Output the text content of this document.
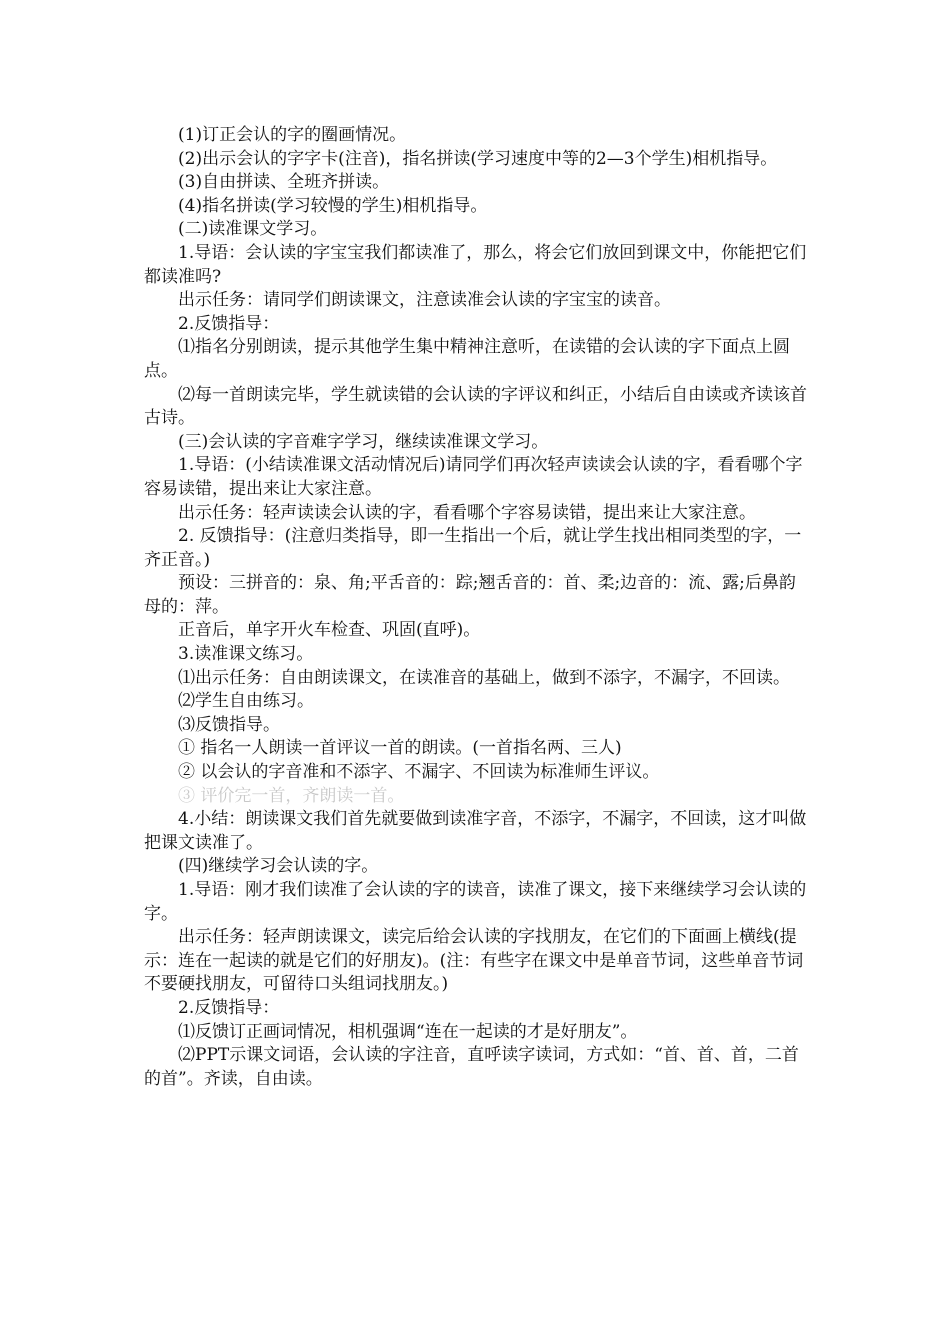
(1)订正会认的字的圈画情况。

(2)出示会认的字字卡(注音)，指名拼读(学习速度中等的2—3个学生)相机指导。

(3)自由拼读、全班齐拼读。

(4)指名拼读(学习较慢的学生)相机指导。

(二)读准课文学习。

1.导语：会认读的字宝宝我们都读准了，那么，将会它们放回到课文中，你能把它们都读准吗?

出示任务：请同学们朗读课文，注意读准会认读的字宝宝的读音。

2.反馈指导：

⑴指名分别朗读，提示其他学生集中精神注意听，在读错的会认读的字下面点上圆点。

⑵每一首朗读完毕，学生就读错的会认读的字评议和纠正，小结后自由读或齐读该首古诗。

(三)会认读的字音难字学习，继续读准课文学习。

1.导语：(小结读准课文活动情况后)请同学们再次轻声读读会认读的字，看看哪个字容易读错，提出来让大家注意。

出示任务：轻声读读会认读的字，看看哪个字容易读错，提出来让大家注意。

2. 反馈指导：(注意归类指导，即一生指出一个后，就让学生找出相同类型的字，一齐正音。)

预设：三拼音的：泉、角;平舌音的：踪;翘舌音的：首、柔;边音的：流、露;后鼻韵母的：萍。

正音后，单字开火车检查、巩固(直呼)。

3.读准课文练习。

⑴出示任务：自由朗读课文，在读准音的基础上，做到不添字，不漏字，不回读。

⑵学生自由练习。

⑶反馈指导。

① 指名一人朗读一首评议一首的朗读。(一首指名两、三人)

② 以会认的字音准和不添字、不漏字、不回读为标准师生评议。

③ 评价完一首，齐朗读一首。

4.小结：朗读课文我们首先就要做到读准字音，不添字，不漏字，不回读，这才叫做把课文读准了。

(四)继续学习会认读的字。

1.导语：刚才我们读准了会认读的字的读音，读准了课文，接下来继续学习会认读的字。

出示任务：轻声朗读课文，读完后给会认读的字找朋友，在它们的下面画上横线(提示：连在一起读的就是它们的好朋友)。(注：有些字在课文中是单音节词，这些单音节词不要硬找朋友，可留待口头组词找朋友。)

2.反馈指导：

⑴反馈订正画词情况，相机强调“连在一起读的才是好朋友”。

⑵PPT示课文词语，会认读的字注音，直呼读字读词，方式如：“首、首、首，二首的首”。齐读，自由读。
